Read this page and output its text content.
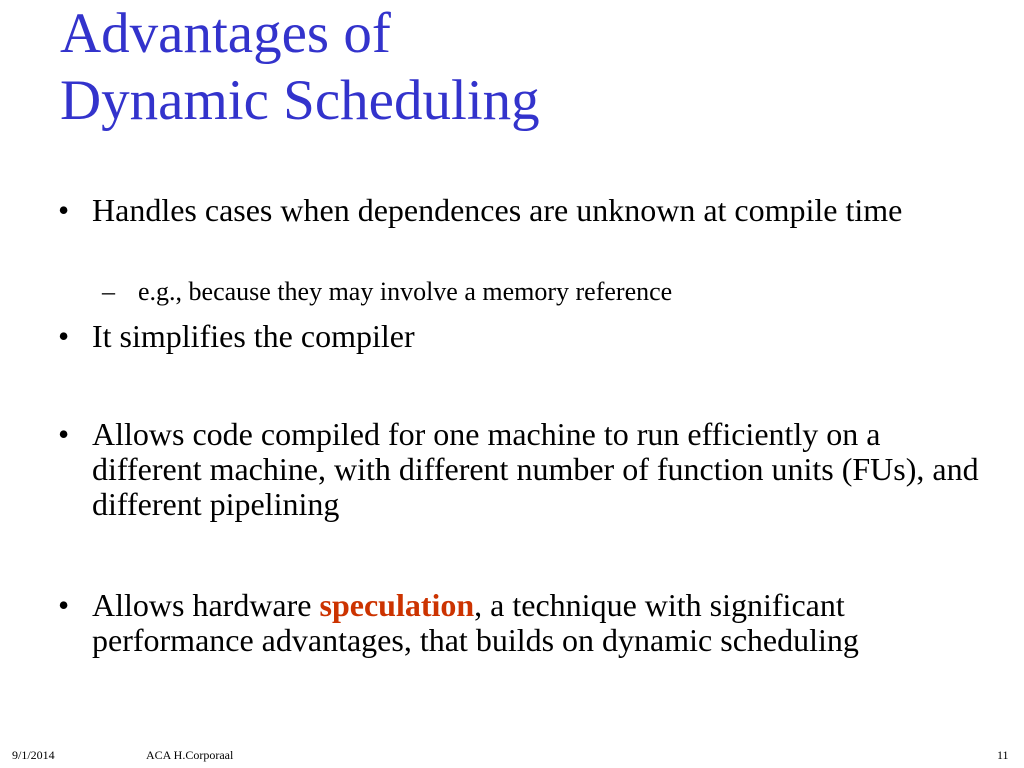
Advantages of
Dynamic Scheduling
• Handles cases when dependences are unknown at compile time
– e.g., because they may involve a memory reference
• It simplifies the compiler
• Allows code compiled for one machine to run efficiently on a different machine, with different number of function units (FUs), and different pipelining
• Allows hardware speculation, a technique with significant performance advantages, that builds on dynamic scheduling
9/1/2014	ACA H.Corporaal	11
